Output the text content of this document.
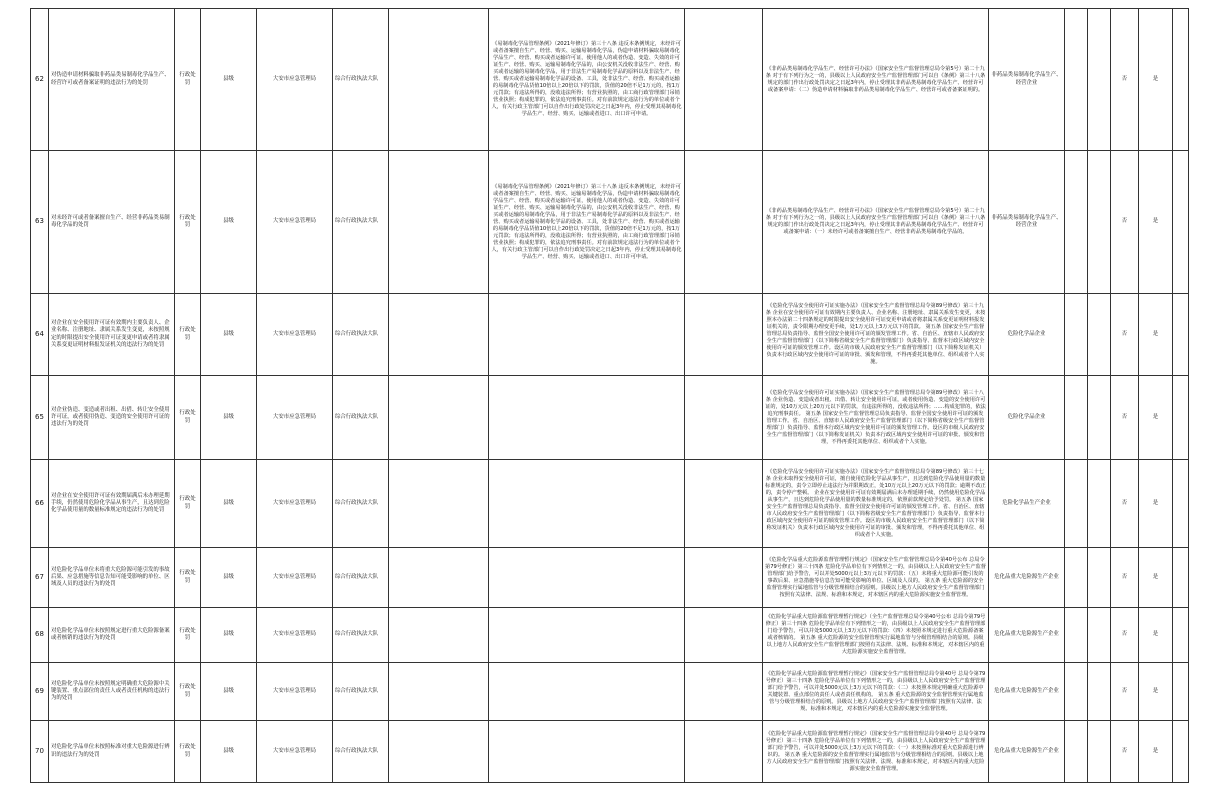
62	对伪造申请材料骗取非药品类易制毒化学品生产、经营许可或者备案证明的违法行为的处罚	行政处罚	县级	大安市应急管理局	综合行政执法大队		《易制毒化学品管理条例》（2021年修订）第三十八条 违反本条例规定，未经许可或者备案擅自生产、经营、购买、运输易制毒化学品，伪造申请材料骗取易制毒化学品生产、经营、购买或者运输许可证，使用他人的或者伪造、变造、失效的许可证生产、经营、购买、运输易制毒化学品的，由公安机关没收非法生产、经营、购买或者运输的易制毒化学品，用于非法生产易制毒化学品的原料以及非法生产、经营、购买或者运输易制毒化学品的设备、工具，处非法生产、经营、购买或者运输的易制毒化学品货值10倍以上20倍以下的罚款，货值的20倍不足1万元的，按1万元罚款；有违法所得的，没收违法所得；有营业执照的，由工商行政管理部门吊销营业执照；构成犯罪的，依法追究刑事责任。对有前款规定违法行为的单位或者个人，有关行政主管部门可以自作出行政处罚决定之日起3年内，停止受理其易制毒化学品生产、经营、购买、运输或者进口、出口许可申请。		《非药品类易制毒化学品生产、经营许可办法》（国家安全生产监督管理总局令第5号）第二十九条 对于有下列行为之一的，县级以上人民政府安全生产监督管理部门可以自《条例》第三十八条规定的部门作出行政处罚决定之日起3年内，停止受理其非药品类易制毒化学品生产、经营许可或备案申请：（二）伪造申请材料骗取非药品类易制毒化学品生产、经营许可或者备案证明的。	非药品类易制毒化学品生产、经营企业			否	是	
63	对未经许可或者备案擅自生产、经营非药品类易制毒化学品的处罚	行政处罚	县级	大安市应急管理局	综合行政执法大队		《易制毒化学品管理条例》（2021年修订）第三十八条 违反本条例规定，未经许可或者备案擅自生产、经营、购买、运输易制毒化学品，伪造申请材料骗取易制毒化学品生产、经营、购买或者运输许可证，使用他人的或者伪造、变造、失效的许可证生产、经营、购买、运输易制毒化学品的，由公安机关没收非法生产、经营、购买或者运输的易制毒化学品，用于非法生产易制毒化学品的原料以及非法生产、经营、购买或者运输易制毒化学品的设备、工具，处非法生产、经营、购买或者运输的易制毒化学品货值10倍以上20倍以下的罚款，货值的20倍不足1万元的，按1万元罚款；有违法所得的，没收违法所得；有营业执照的，由工商行政管理部门吊销营业执照；构成犯罪的，依法追究刑事责任。对有前款规定违法行为的单位或者个人，有关行政主管部门可以自作出行政处罚决定之日起3年内，停止受理其易制毒化学品生产、经营、购买、运输或者进口、出口许可申请。		《非药品类易制毒化学品生产、经营许可办法》（国家安全生产监督管理总局令第5号）第二十九条 对于有下列行为之一的，县级以上人民政府安全生产监督管理部门可以自《条例》第三十八条规定的部门作出行政处罚决定之日起3年内，停止受理其非药品类易制毒化学品生产、经营许可或备案申请：（一）未经许可或者备案擅自生产、经营非药品类易制毒化学品的。	非药品类易制毒化学品生产、经营企业			否	是	
64	对企业在安全使用许可证有效期内主要负责人、企业名称、注册地址、隶属关系发生变更，未按照规定的时限提出安全使用许可证变更申请或者将隶属关系变更证明材料报发证机关的违法行为的处罚	行政处罚	县级	大安市应急管理局	综合行政执法大队				《危险化学品安全使用许可证实施办法》（国家安全生产监督管理总局令第89号修改）第三十九条 企业在安全使用许可证有效期内主要负责人、企业名称、注册地址、隶属关系发生变更，未按照本办法第二十四条规定的时限提出安全使用许可证变更申请或者将隶属关系变更证明材料报发证机关的，责令限期办理变更手续，处1万元以上3万元以下的罚款。 第五条 国家安全生产监督管理总局负责指导、监督全国安全使用许可证的颁发管理工作。省、自治区、直辖市人民政府安全生产监督管理部门（以下简称省级安全生产监督管理部门）负责指导、监督本行政区域内安全使用许可证的颁发管理工作。设区的市级人民政府安全生产监督管理部门（以下简称发证机关）负责本行政区域内安全使用许可证的审批、颁发和管理，不得再委托其他单位、组织或者个人实施。	危险化学品企业			否	是	
65	对企业伪造、变造或者出租、出借、转让安全使用许可证，或者使用伪造、变造的安全使用许可证的违法行为的处罚	行政处罚	县级	大安市应急管理局	综合行政执法大队				《危险化学品安全使用许可证实施办法》（国家安全生产监督管理总局令第89号修改）第三十八条 企业伪造、变造或者出租、出借、转让安全使用许可证，或者使用伪造、变造的安全使用许可证的，处10万元以上20万元以下的罚款，有违法所得的，没收违法所得；……构成犯罪的，依法追究刑事责任。 第五条 国家安全生产监督管理总局负责指导、监督全国安全使用许可证的颁发管理工作。省、自治区、直辖市人民政府安全生产监督管理部门（以下简称省级安全生产监督管理部门）负责指导、监督本行政区域内安全使用许可证的颁发管理工作。设区的市级人民政府安全生产监督管理部门（以下简称发证机关）负责本行政区域内安全使用许可证的审批、颁发和管理，不得再委托其他单位、组织或者个人实施。	危险化学品企业			否	是	
66	对企业在安全使用许可证有效期届满后未办理延期手续，仍然使用危险化学品从事生产，且达到危险化学品使用量的数量标准规定的违法行为的处罚	行政处罚	县级	大安市应急管理局	综合行政执法大队				《危险化学品安全使用许可证实施办法》（国家安全生产监督管理总局令第89号修改）第三十七条 企业未取得安全使用许可证，擅自使用危险化学品从事生产，且达到危险化学品使用量的数量标准规定的，责令立即停止违法行为并限期改正，处10万元以上20万元以下的罚款；逾期不改正的，责令停产整顿。 企业在安全使用许可证有效期届满后未办理延期手续，仍然使用危险化学品从事生产，且达到危险化学品使用量的数量标准规定的，依照前款规定给予处罚。 第五条 国家安全生产监督管理总局负责指导、监督全国安全使用许可证的颁发管理工作。省、自治区、直辖市人民政府安全生产监督管理部门（以下简称省级安全生产监督管理部门）负责指导、监督本行政区域内安全使用许可证的颁发管理工作。设区的市级人民政府安全生产监督管理部门（以下简称发证机关）负责本行政区域内安全使用许可证的审批、颁发和管理，不得再委托其他单位、组织或者个人实施。	危险化学品生产企业			否	是	
67	对危险化学品单位未将重大危险源可能引发的事故后果、应急措施等信息告知可能受影响的单位、区域及人员的违法行为的处罚	行政处罚	县级	大安市应急管理局	综合行政执法大队				《危险化学品重大危险源监督管理暂行规定》（国家安全生产监督管理总局令第40号公布 总局令第79号修正）第三十四条 危险化学品单位有下列情形之一的，由县级以上人民政府安全生产监督管理部门给予警告，可以并处5000元以上3万元以下的罚款：（五）未将重大危险源可能引发的事故后果、应急措施等信息告知可能受影响的单位、区域及人员的。 第五条 重大危险源的安全监督管理实行属地监管与分级管理相结合的原则。县级以上地方人民政府安全生产监督管理部门按照有关法律、法规、标准和本规定，对本辖区内的重大危险源实施安全监督管理。	危化品重大危险源生产企业			否	是	
68	对危险化学品单位未按照规定进行重大危险源备案或者核销的违法行为的处罚	行政处罚	县级	大安市应急管理局	综合行政执法大队				《危险化学品重大危险源监督管理暂行规定》（全生产监督管理总局令第40号公布 总局令第79号修正）第三十四条 危险化学品单位有下列情形之一的，由县级以上人民政府安全生产监督管理部门给予警告，可以并处5000元以上3万元以下的罚款：（四）未按照本规定进行重大危险源备案或者核销的。 第五条 重大危险源的安全监督管理实行属地监管与分级管理相结合的原则。县级以上地方人民政府安全生产监督管理部门按照有关法律、法规、标准和本规定，对本辖区内的重大危险源实施安全监督管理。	危化品重大危险源生产企业			否	是	
69	对危险化学品单位未按照规定明确重大危险源中关键装置、重点部位的责任人或者责任机构的违法行为的处罚	行政处罚	县级	大安市应急管理局	综合行政执法大队				《危险化学品重大危险源监督管理暂行规定》（国家安全生产监督管理总局令第40号 总局令第79号修正）第三十四条 危险化学品单位有下列情形之一的，由县级以上人民政府安全生产监督管理部门给予警告，可以并处5000元以上3万元以下的罚款：（二）未按照本规定明确重大危险源中关键装置、重点部位的责任人或者责任机构的。 第五条 重大危险源的安全监督管理实行属地监管与分级管理相结合的原则。县级以上地方人民政府安全生产监督管理部门按照有关法律、法规、标准和本规定，对本辖区内的重大危险源实施安全监督管理。	危化品重大危险源生产企业			否	是	
70	对危险化学品单位未按照标准对重大危险源进行辨识的违法行为的处罚	行政处罚	县级	大安市应急管理局	综合行政执法大队				《危险化学品重大危险源监督管理暂行规定》（国家安全生产监督管理总局令第40号 总局令第79号修正）第三十四条 危险化学品单位有下列情形之一的，由县级以上人民政府安全生产监督管理部门给予警告，可以并处5000元以上3万元以下的罚款：（一）未按照标准对重大危险源进行辨识的。 第五条 重大危险源的安全监督管理实行属地监管与分级管理相结合的原则。县级以上地方人民政府安全生产监督管理部门按照有关法律、法规、标准和本规定，对本辖区内的重大危险源实施安全监督管理。	危化品重大危险源生产企业			否	是	
